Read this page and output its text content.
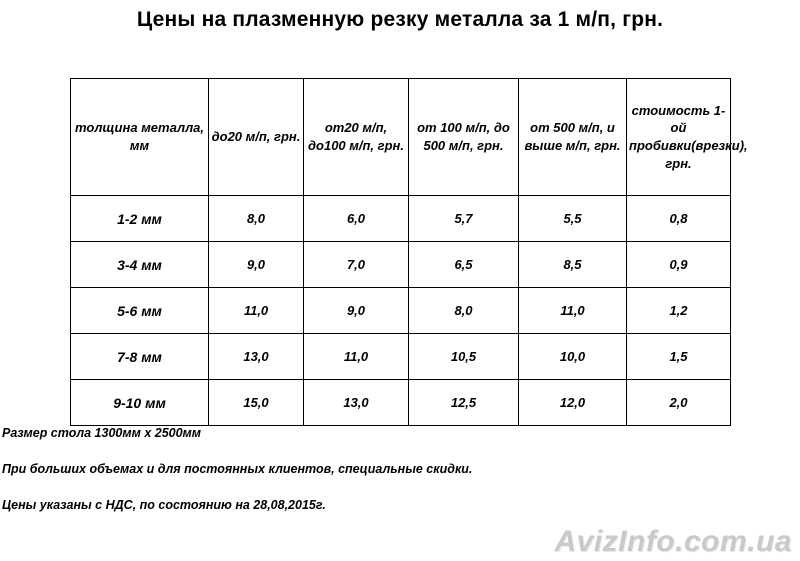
Цены на плазменную резку металла за 1 м/п, грн.
толщина металла, мм	до20 м/п, грн.	от20 м/п, до100 м/п, грн.	от 100 м/п, до 500 м/п, грн.	от 500 м/п, и выше м/п, грн.	стоимость 1-ой пробивки(врезки), грн.
1-2 мм	8,0	6,0	5,7	5,5	0,8
3-4 мм	9,0	7,0	6,5	8,5	0,9
5-6 мм	11,0	9,0	8,0	11,0	1,2
7-8 мм	13,0	11,0	10,5	10,0	1,5
9-10 мм	15,0	13,0	12,5	12,0	2,0
Размер стола 1300мм х 2500мм
При больших объемах и для постоянных клиентов, специальные скидки.
Цены указаны с НДС, по состоянию на 28,08,2015г.
AvizInfo.com.ua
